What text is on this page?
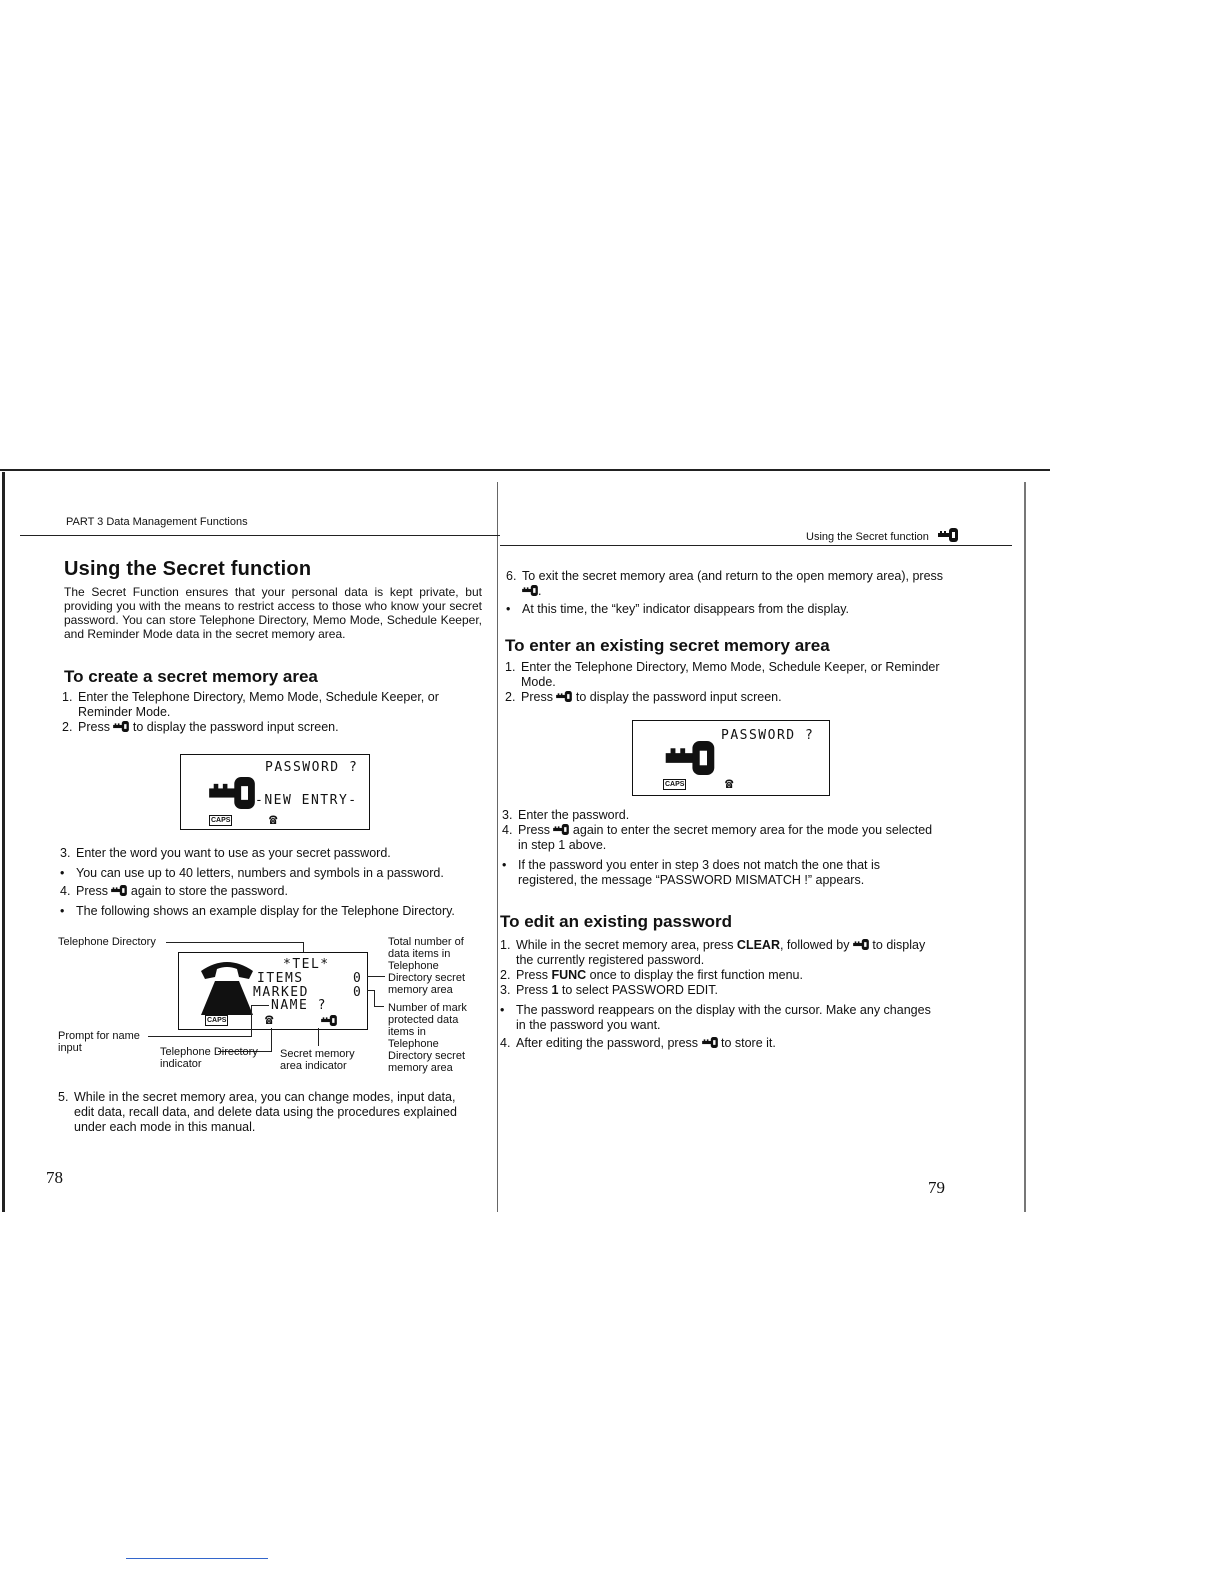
PART 3 Data Management Functions
Using the Secret function
The Secret Function ensures that your personal data is kept private, but providing you with the means to restrict access to those who know your secret password. You can store Telephone Directory, Memo Mode, Schedule Keeper, and Reminder Mode data in the secret memory area.
To create a secret memory area
1. Enter the Telephone Directory, Memo Mode, Schedule Keeper, or Reminder Mode.
2. Press  to display the password input screen.
PASSWORD ?
-NEW ENTRY-
CAPS	☎
3. Enter the word you want to use as your secret password.
• You can use up to 40 letters, numbers and symbols in a password.
4. Press  again to store the password.
• The following shows an example display for the Telephone Directory.
Telephone Directory
*TEL*
ITEMS	0
MARKED	0
NAME ?
CAPS	☎
Total number of data items in Telephone Directory secret memory area
Number of mark protected data items in Telephone Directory secret memory area
Prompt for name input	Telephone Directory indicator
Secret memory area indicator
5. While in the secret memory area, you can change modes, input data, edit data, recall data, and delete data using the procedures explained under each mode in this manual.
78
Using the Secret function
6. To exit the secret memory area (and return to the open memory area), press
.
• At this time, the “key” indicator disappears from the display.
To enter an existing secret memory area
1. Enter the Telephone Directory, Memo Mode, Schedule Keeper, or Reminder Mode.
2. Press  to display the password input screen.
PASSWORD ?
CAPS	☎
3. Enter the password.
4. Press  again to enter the secret memory area for the mode you selected in step 1 above.
• If the password you enter in step 3 does not match the one that is registered, the message “PASSWORD MISMATCH !” appears.
To edit an existing password
1. While in the secret memory area, press CLEAR, followed by  to display the currently registered password.
2. Press FUNC once to display the first function menu.
3. Press 1 to select PASSWORD EDIT.
• The password reappears on the display with the cursor. Make any changes in the password you want.
4. After editing the password, press  to store it.
79
